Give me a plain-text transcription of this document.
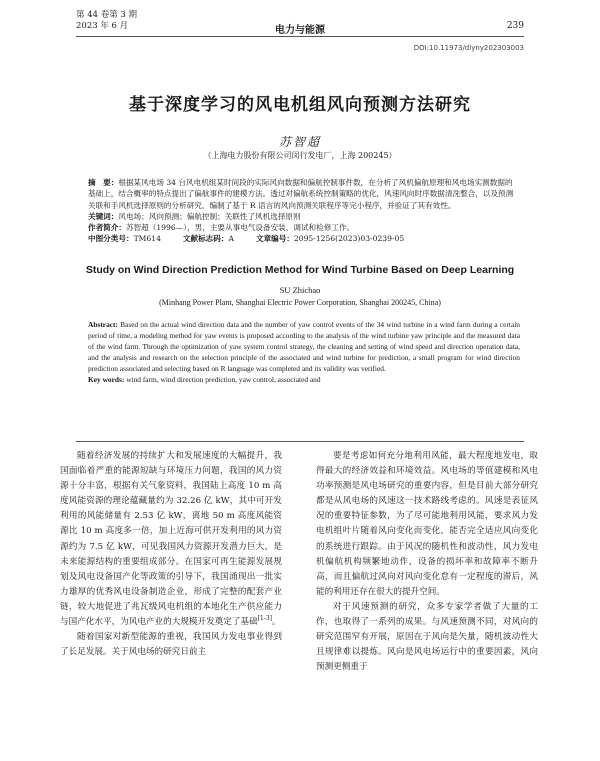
第 44 卷第 3 期
2023 年 6 月	电力与能源	239
DOI:10.11973/dlyny202303003
基于深度学习的风电机组风向预测方法研究
苏智超
（上海电力股份有限公司闵行发电厂，上海 200245）

摘　要：根据某风电场 34 台风电机组某时间段的实际风向数据和偏航控制事件数，在分析了风机偏航原理和风电场实测数据的基础上，结合概率的特点提出了偏航事件的建模方法。透过对偏航系统控制策略的优化，风速风向时序数据清洗整合，以及预测关联和手风机选择原则的分析研究，编制了基于 R 语言的风向预测关联程序等完小程序，并验证了其有效性。

关键词：风电场；风向预测；偏航控制；关联性了风机选择原则

作者简介：苏智超（1996—），男，主要从事电气设备安装、调试和检修工作。

中图分类号：TM614	文献标志码：A	文章编号：2095-1256(2023)03-0239-05

Study on Wind Direction Prediction Method for Wind Turbine Based on Deep Learning
SU Zhichao
(Minhang Power Plant, Shanghai Electric Power Corporation, Shanghai 200245, China)

Abstract: Based on the actual wind direction data and the number of yaw control events of the 34 wind turbine in a wind farm during a certain period of time, a modeling method for yaw events is proposed according to the analysis of the wind turbine yaw principle and the measured data of the wind farm. Through the optimization of yaw system control strategy, the cleaning and setting of wind speed and direction operation data, and the analysis and research on the selection principle of the associated and wind turbine for prediction, a small program for wind direction prediction associated and selecting based on R language was completed and its validity was verified.

Key words: wind farm, wind direction prediction, yaw control, associated and

随着经济发展的持续扩大和发展速度的大幅提升，我国面临着严重的能源短缺与环境压力问题，我国的风力资源十分丰富，根据有关气象资料，我国陆上高度 10 m 高度风能资源的理论蕴藏量约为 32.26 亿 kW，其中可开发利用的风能储量有 2.53 亿 kW，离地 50 m 高度风能资源比 10 m 高度多一倍，加上近海可供开发利用的风力资源约为 7.5 亿 kW，可见我国风力资源开发潜力巨大，是未来能源结构的重要组成部分。在国家可再生能源发展规划及风电设备国产化等政策的引导下，我国涌现出一批实力雄厚的优秀风电设备制造企业，形成了完整的配套产业链，较大地促进了兆瓦级风电机组的本地化生产供应能力与国产化水平，为风电产业的大规模开发奠定了基础[1-3]。

随着国家对新型能源的重视，我国风力发电事业得到了长足发展。关于风电场的研究日前主

要是考虑如何充分地利用风能，最大程度地发电，取得最大的经济效益和环境效益。风电场的等值建模和风电功率预测是风电场研究的重要内容，但是目前大部分研究都是从风电场的风速这一技术路线考虑的。风速是表征风况的重要特征参数，为了尽可能地利用风能，要求风力发电机组叶片随着风向变化而变化，能否完全适应风向变化的系统进行跟踪。由于风况的随机性和波动性，风力发电机偏航机构频繁地动作，设备的损坏率和故障率不断升高，而且偏航过风向对风向变化怠有一定程度的滞后，风能的利用还存在很大的提升空间。

对于风速预测的研究，众多专家学者做了大量的工作，也取得了一系列的成果。与风速预测不同，对风向的研究范围窄有开展，原因在于风向是矢量，随机波动性大且规律难以提炼。风向是风电场运行中的重要因素，风向预测更侧重于
